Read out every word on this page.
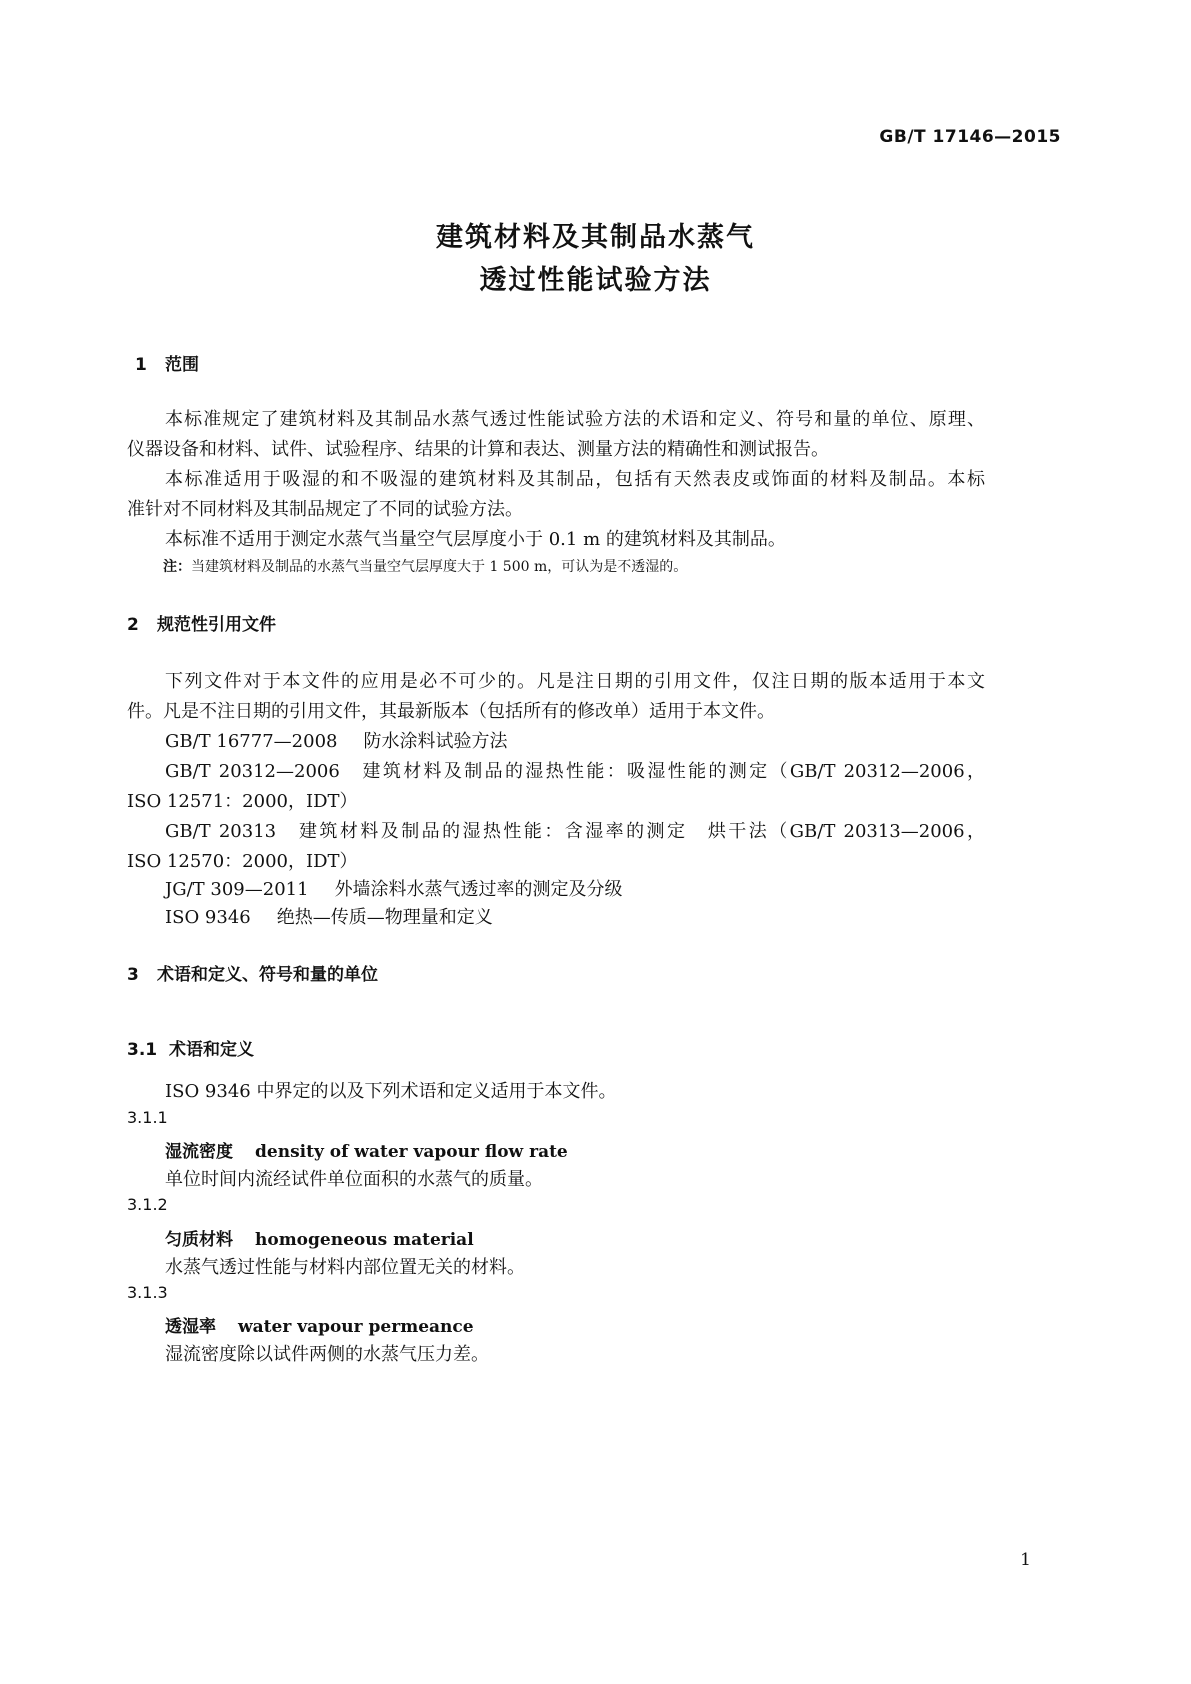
GB/T 17146—2015
建筑材料及其制品水蒸气
透过性能试验方法
1 范围
本标准规定了建筑材料及其制品水蒸气透过性能试验方法的术语和定义、符号和量的单位、原理、
仪器设备和材料、试件、试验程序、结果的计算和表达、测量方法的精确性和测试报告。
本标准适用于吸湿的和不吸湿的建筑材料及其制品，包括有天然表皮或饰面的材料及制品。本标
准针对不同材料及其制品规定了不同的试验方法。
本标准不适用于测定水蒸气当量空气层厚度小于 0.1 m 的建筑材料及其制品。
注：当建筑材料及制品的水蒸气当量空气层厚度大于 1 500 m，可认为是不透湿的。
2 规范性引用文件
下列文件对于本文件的应用是必不可少的。凡是注日期的引用文件，仅注日期的版本适用于本文
件。凡是不注日期的引用文件，其最新版本（包括所有的修改单）适用于本文件。
GB/T 16777—2008 防水涂料试验方法
GB/T 20312—2006　建筑材料及制品的湿热性能：吸湿性能的测定（GB/T 20312—2006，
ISO 12571：2000，IDT）
GB/T 20313　建筑材料及制品的湿热性能：含湿率的测定　烘干法（GB/T 20313—2006，
ISO 12570：2000，IDT）
JG/T 309—2011 外墙涂料水蒸气透过率的测定及分级
ISO 9346 绝热—传质—物理量和定义
3 术语和定义、符号和量的单位
3.1 术语和定义
ISO 9346 中界定的以及下列术语和定义适用于本文件。
3.1.1
湿流密度 density of water vapour flow rate
单位时间内流经试件单位面积的水蒸气的质量。
3.1.2
匀质材料 homogeneous material
水蒸气透过性能与材料内部位置无关的材料。
3.1.3
透湿率 water vapour permeance
湿流密度除以试件两侧的水蒸气压力差。
1
